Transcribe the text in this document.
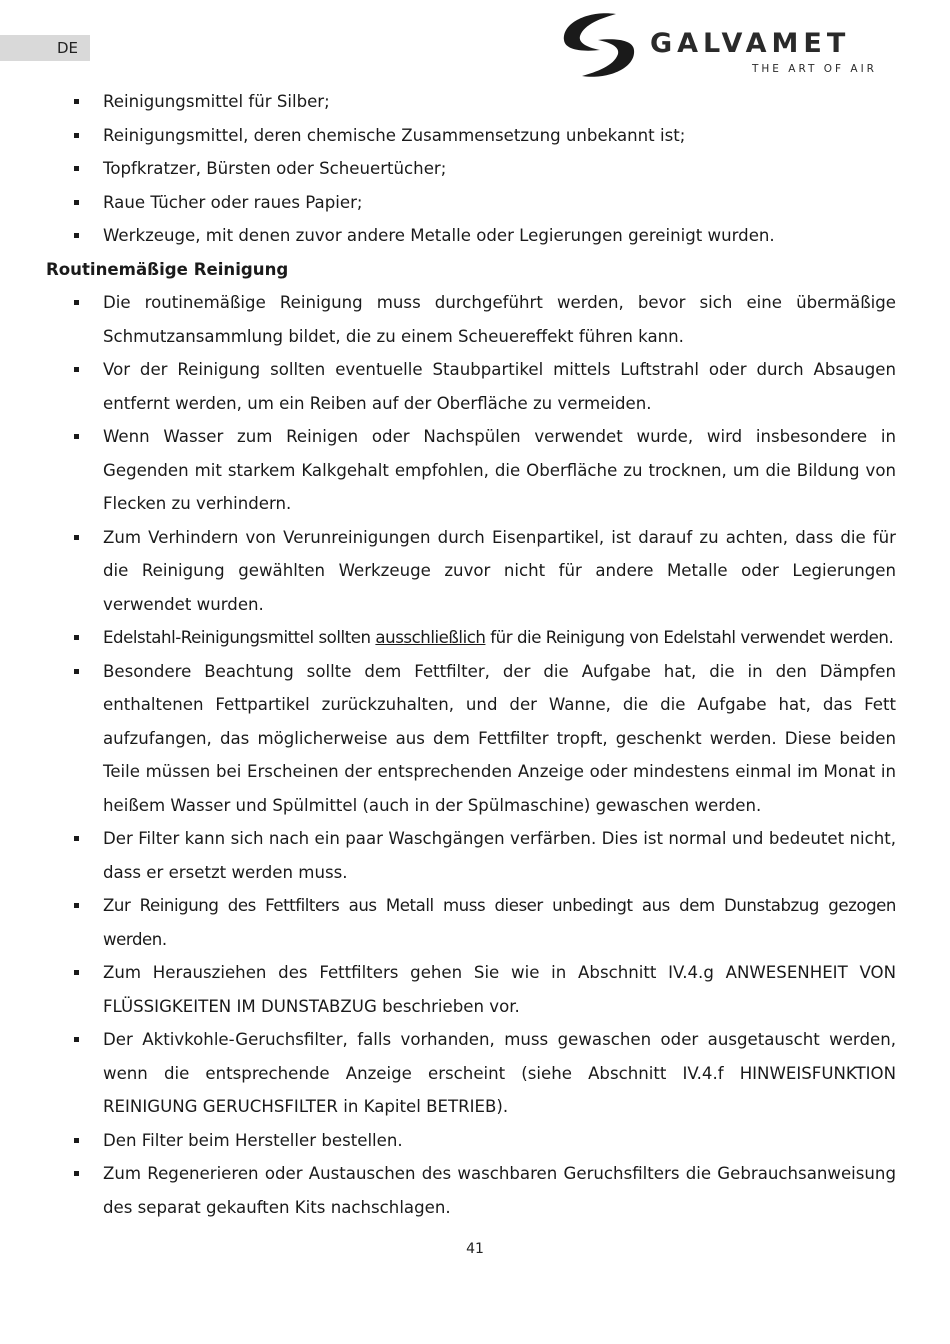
DE	GALVAMET
THE ART OF AIR
Reinigungsmittel für Silber;
Reinigungsmittel, deren chemische Zusammensetzung unbekannt ist;
Topfkratzer, Bürsten oder Scheuertücher;
Raue Tücher oder raues Papier;
Werkzeuge, mit denen zuvor andere Metalle oder Legierungen gereinigt wurden.
Routinemäßige Reinigung
Die routinemäßige Reinigung muss durchgeführt werden, bevor sich eine übermäßige Schmutzansammlung bildet, die zu einem Scheuereffekt führen kann.
Vor der Reinigung sollten eventuelle Staubpartikel mittels Luftstrahl oder durch Absaugen entfernt werden, um ein Reiben auf der Oberfläche zu vermeiden.
Wenn Wasser zum Reinigen oder Nachspülen verwendet wurde, wird insbesondere in Gegenden mit starkem Kalkgehalt empfohlen, die Oberfläche zu trocknen, um die Bildung von Flecken zu verhindern.
Zum Verhindern von Verunreinigungen durch Eisenpartikel, ist darauf zu achten, dass die für die Reinigung gewählten Werkzeuge zuvor nicht für andere Metalle oder Legierungen verwendet wurden.
Edelstahl-Reinigungsmittel sollten ausschließlich für die Reinigung von Edelstahl verwendet werden.
Besondere Beachtung sollte dem Fettfilter, der die Aufgabe hat, die in den Dämpfen enthaltenen Fettpartikel zurückzuhalten, und der Wanne, die die Aufgabe hat, das Fett aufzufangen, das möglicherweise aus dem Fettfilter tropft, geschenkt werden. Diese beiden Teile müssen bei Erscheinen der entsprechenden Anzeige oder mindestens einmal im Monat in heißem Wasser und Spülmittel (auch in der Spülmaschine) gewaschen werden.
Der Filter kann sich nach ein paar Waschgängen verfärben. Dies ist normal und bedeutet nicht, dass er ersetzt werden muss.
Zur Reinigung des Fettfilters aus Metall muss dieser unbedingt aus dem Dunstabzug gezogen werden.
Zum Herausziehen des Fettfilters gehen Sie wie in Abschnitt IV.4.g ANWESENHEIT VON FLÜSSIGKEITEN IM DUNSTABZUG beschrieben vor.
Der Aktivkohle-Geruchsfilter, falls vorhanden, muss gewaschen oder ausgetauscht werden, wenn die entsprechende Anzeige erscheint (siehe Abschnitt IV.4.f HINWEISFUNKTION REINIGUNG GERUCHSFILTER in Kapitel BETRIEB).
Den Filter beim Hersteller bestellen.
Zum Regenerieren oder Austauschen des waschbaren Geruchsfilters die Gebrauchsanweisung des separat gekauften Kits nachschlagen.
41
